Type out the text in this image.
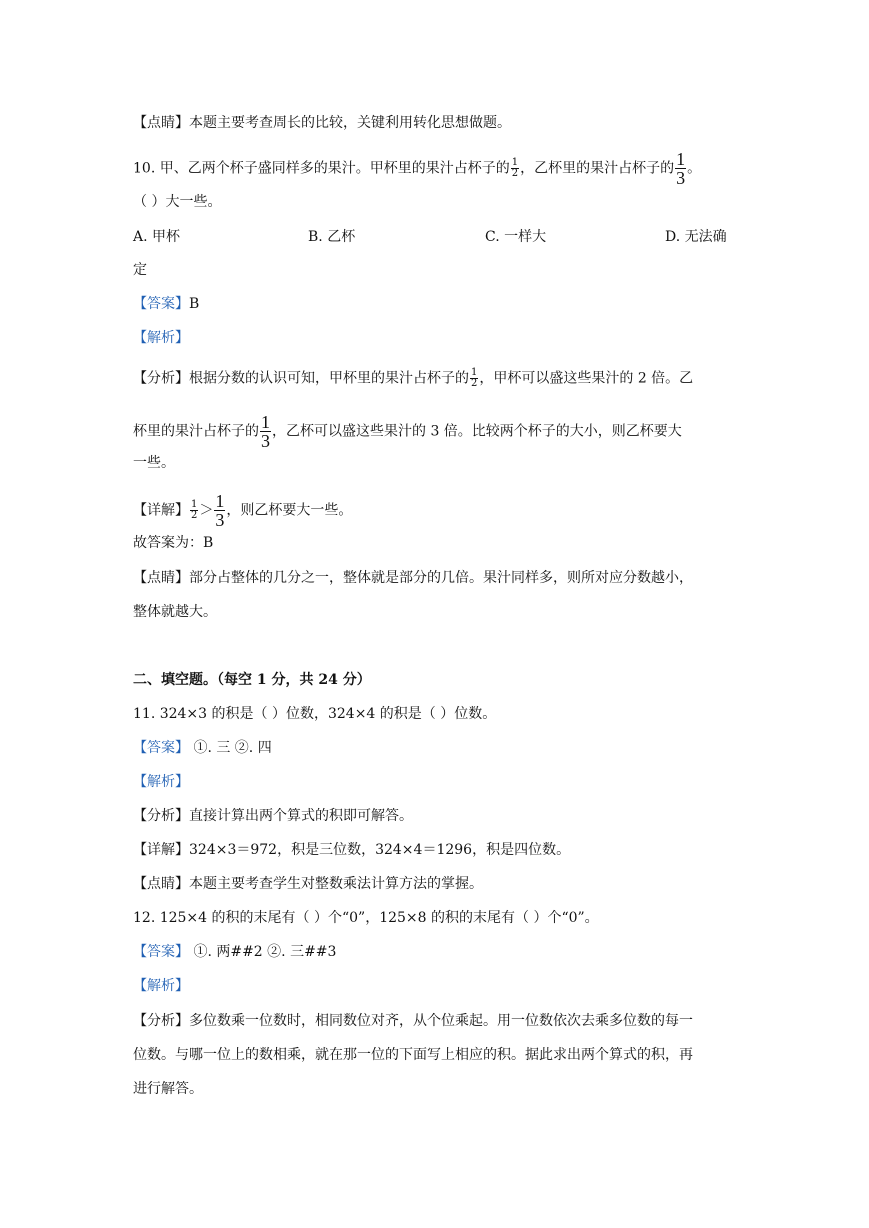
【点睛】本题主要考查周长的比较，关键利用转化思想做题。
10. 甲、乙两个杯子盛同样多的果汁。甲杯里的果汁占杯子的 $\frac{1}{2}$ ，乙杯里的果汁占杯子的 $\frac{1}{3}$ 。
（ ）大一些。
A. 甲杯	B. 乙杯	C. 一样大	D. 无法确
定
【答案】B
【解析】
【分析】根据分数的认识可知，甲杯里的果汁占杯子的 $\frac{1}{2}$ ，甲杯可以盛这些果汁的 2 倍。乙
杯里的果汁占杯子的 $\frac{1}{3}$ ，乙杯可以盛这些果汁的 3 倍。比较两个杯子的大小，则乙杯要大
一些。
【详解】 $\frac{1}{2} > \frac{1}{3}$ ，则乙杯要大一些。
故答案为：B
【点睛】部分占整体的几分之一，整体就是部分的几倍。果汁同样多，则所对应分数越小，
整体就越大。
二、填空题。（每空 1 分，共 24 分）
11. 324×3 的积是（ ）位数，324×4 的积是（ ）位数。
【答案】 ①. 三 ②. 四
【解析】
【分析】直接计算出两个算式的积即可解答。
【详解】324×3＝972，积是三位数，324×4＝1296，积是四位数。
【点睛】本题主要考查学生对整数乘法计算方法的掌握。
12. 125×4 的积的末尾有（ ）个“0”，125×8 的积的末尾有（ ）个“0”。
【答案】 ①. 两##2 ②. 三##3
【解析】
【分析】多位数乘一位数时，相同数位对齐，从个位乘起。用一位数依次去乘多位数的每一
位数。与哪一位上的数相乘，就在那一位的下面写上相应的积。据此求出两个算式的积，再
进行解答。
